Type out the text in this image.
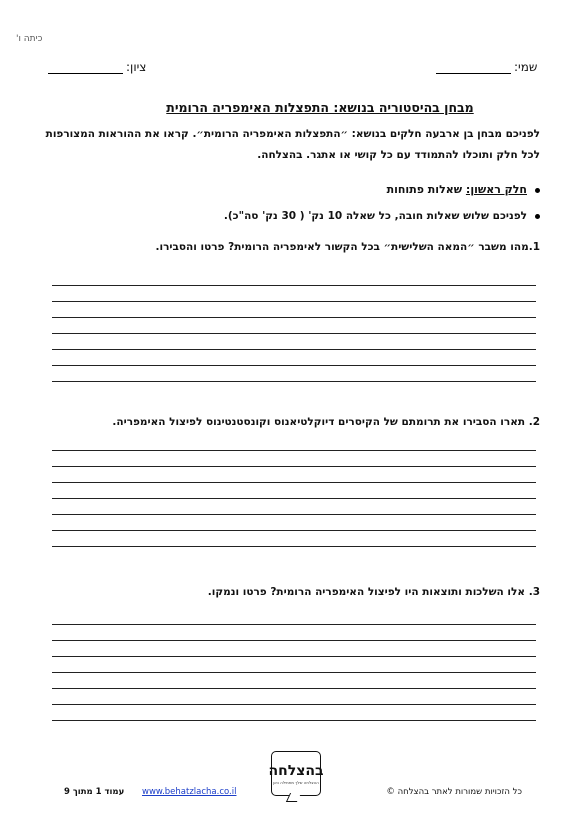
כיתה ו'
שמי:
ציון:
מבחן בהיסטוריה בנושא: התפצלות האימפריה הרומית
לפניכם מבחן בן ארבעה חלקים בנושא: ״התפצלות האימפריה הרומית״. קראו את ההוראות המצורפות לכל חלק ותוכלו להתמודד עם כל קושי או אתגר. בהצלחה.
חלק ראשון: שאלות פתוחות
לפניכם שלוש שאלות חובה, כל שאלה 10 נק' ( 30 נק' סה"כ).
1.מהו משבר ״המאה השלישית״ בכל הקשור לאימפריה הרומית? פרטו והסבירו.
2. תארו הסבירו את תרומתם של הקיסרים דיוקלטיאנוס וקונסטנטינוס לפיצול האימפריה.
3. אלו השלכות ותוצאות היו לפיצול האימפריה הרומית? פרטו ונמקו.
כל הזכויות שמורות לאתר בהצלחה ©
בהצלחה
ההצלחה שלך מתחילה כאן
www.behatzlacha.co.il
עמוד 1 מתוך 9
